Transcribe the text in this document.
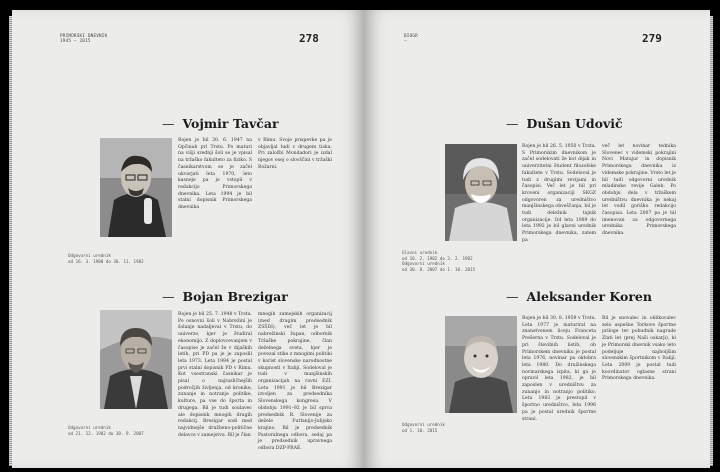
PRIMORSKI DNEVNIK
1945 – 2015	278
— Vojmir Tavčar
Rojen je bil 30. 6. 1947 na Opčinah pri Trstu. Po maturi na višji srednji šoli se je vpisal na tržaško fakulteto za fiziko. S časnikarstvom se je začel ukvarjati leta 1970, leto kasneje pa je vstopil v redakcijo Primorskega dnevnika. Leta 1994 je bil stalni dopisnik Primorskega dnevnika
v Rimu. Svoje prispevke pa je objavljal tudi v drugem tisku. Pri založbi Mondadori je izdal njegov esej o slovščini v tržaški Rožarni.
Odgovorni urednik
od 16. 3. 1980 do 30. 11. 1982
— Bojan Brezigar
Rojen je bil 25. 7. 1948 v Trstu. Po osnovni šoli v Nabrežini je šolanje nadaljeval v Trstu, do univerze, kjer je študiral ekonomijo. Z doplovcevanjem v časopise je začel že v dijaških letih, pri PD pa je je zaposlil leta 1973. Leta 1984 je postal prvi stalni dopisnik PD v Rimu. Kot vsestranski časnikar je pisal o najrazličnejših področjih življenja, od kronike, zunanje in notranje politike, kulture, pa vse do športa in drugega. Bil je tudi soulavec ale dopisnik mnogih drugih redakcij. Brezigar sodi med najvidnejše družbeno-politične delavce v zamejstvu. Bil je član
mnogih zamejskih organizacij (med drugim predsednik ZSŠDI), več let je bil nabrežinski župan, odbornik Tržaške pokrajine, član deželnega sveta, kjer je povezal stike z mnogimi politiki v korist slovenske narodnostne skupnosti v Italiji. Sodeloval je tudi v manjšinskih organizacijah na ravni EZI. Leta 1991 je bil Brezigar izvoljen za predsednika Slovenskega kongresa. V obdobju 1991–92 je bil sprva predsednik R. Slovenije za dežele Furlanijo-Julijsko krajino. Bil je predsednik Pastoralnega odbora, sedaj pa je predsednik upravnega odbora DZP-PRAE.
Odgovorni urednik
od 21. 12. 1982 do 30. 9. 2007
BIOGR
—	279
— Dušan Udovič
Rojen je bil 26. 5. 1950 v Trstu. S Primorskim dnevnikom je začel sodelovati že kot dijak in univerzitetni študent filozofske fakultete v Trstu. Sodeloval je tudi z drugimi revijami in časopisi. Več let je bil pri kroveni organizaciji SKGZ odgovoren za uredništvo manjšinskega obveščanja, bil je tudi deležnik tajnik organizacije. Od leta 1989 do leta 1992 je bil glavni urednik Primorskega dnevnika, zatem pa
več let novinar tednika Slovenec v videmski pokrajini Novi Matajur in dopisnik Primorskega dnevnika iz videmske pokrajine. Vrsto let je bil tudi odgovorni urednik mladinske revije Galeb. Po obdobju dela v tržaškem uredništvu dnevnika je nekaj let vodil goriško redakcijo časopisa. Leta 2007 pa je bil imenovan za odgovornega urednika Primorskega dnevnika.
Glavni urednik
od 10. 2. 1982 do 3. 2. 1982
Odgovorni urednik
od 30. 8. 2007 do 1. 10. 2015
— Aleksander Koren
Rojen je bil 30. 8. 1959 v Trstu. Leta 1977 je maturiral na znanstvenem liceju Franceta Prešerna v Trstu. Sodeloval je pri številnih listih, ob Primorskem dnevniku je postal leta 1976, novinar pa oktobra leta 1980. Do družinskega novinarskega izpita, ki ga je opravil leta 1982, je bil zaposlen v uredništvu za zunanjo in notranjo politiko. Leta 1983 je prestopil v športno uredništvo, leta 1996 pa je postal urednik športne strani.
Bil je snovalec in oblikovalec zelo uspešne Torkove športne priloge ter pobudnik nagrade Zlati let (prej Naši oskarji), ki je Primorski dnevnik vsako leto podeljuje najboljšim slovenskim športnikom v Italiji. Leta 2009 je postal tudi koordinator oglasne strani Primorskega dnevnika.
Odgovorni urednik
od 1. 10. 2015
